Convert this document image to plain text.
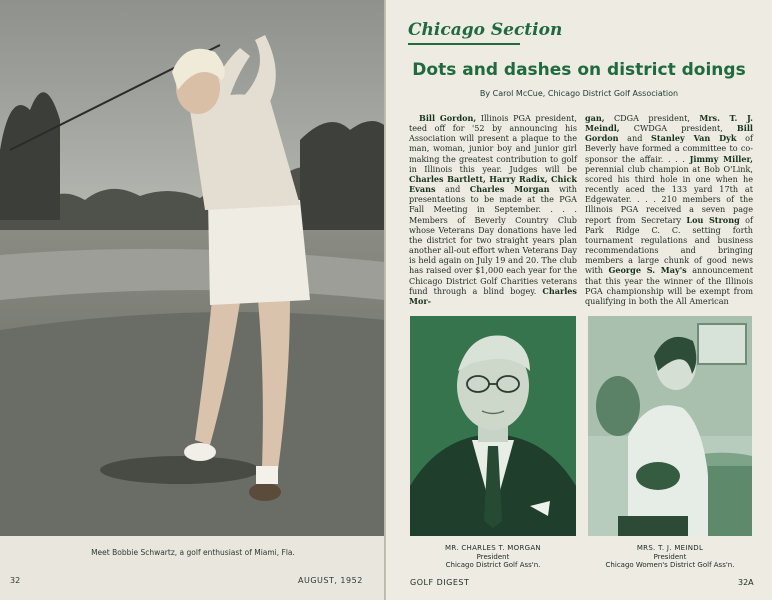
Meet Bobbie Schwartz, a golf enthusiast of Miami, Fla.
32	AUGUST, 1952
Chicago Section
Dots and dashes on district doings
By Carol McCue, Chicago District Golf Association
Bill Gordon, Illinois PGA president, teed off for '52 by announcing his Association will present a plaque to the man, woman, junior boy and junior girl making the greatest contribution to golf in Illinois this year. Judges will be Charles Bartlett, Harry Radix, Chick Evans and Charles Morgan with presentations to be made at the PGA Fall Meeting in September. . . . Members of Beverly Country Club whose Veterans Day donations have led the district for two straight years plan another all-out effort when Veterans Day is held again on July 19 and 20. The club has raised over $1,000 each year for the Chicago District Golf Charities veterans fund through a blind bogey. Charles Mor-
gan, CDGA president, Mrs. T. J. Meindl, CWDGA president, Bill Gordon and Stanley Van Dyk of Beverly have formed a committee to co-sponsor the affair. . . . Jimmy Miller, perennial club champion at Bob O'Link, scored his third hole in one when he recently aced the 133 yard 17th at Edgewater. . . . 210 members of the Illinois PGA received a seven page report from Secretary Lou Strong of Park Ridge C. C. setting forth tournament regulations and business recommendations and bringing members a large chunk of good news with George S. May's announcement that this year the winner of the Illinois PGA championship will be exempt from qualifying in both the All American
MR. CHARLES T. MORGAN
President
Chicago District Golf Ass'n.
MRS. T. J. MEINDL
President
Chicago Women's District Golf Ass'n.
GOLF DIGEST	32A
